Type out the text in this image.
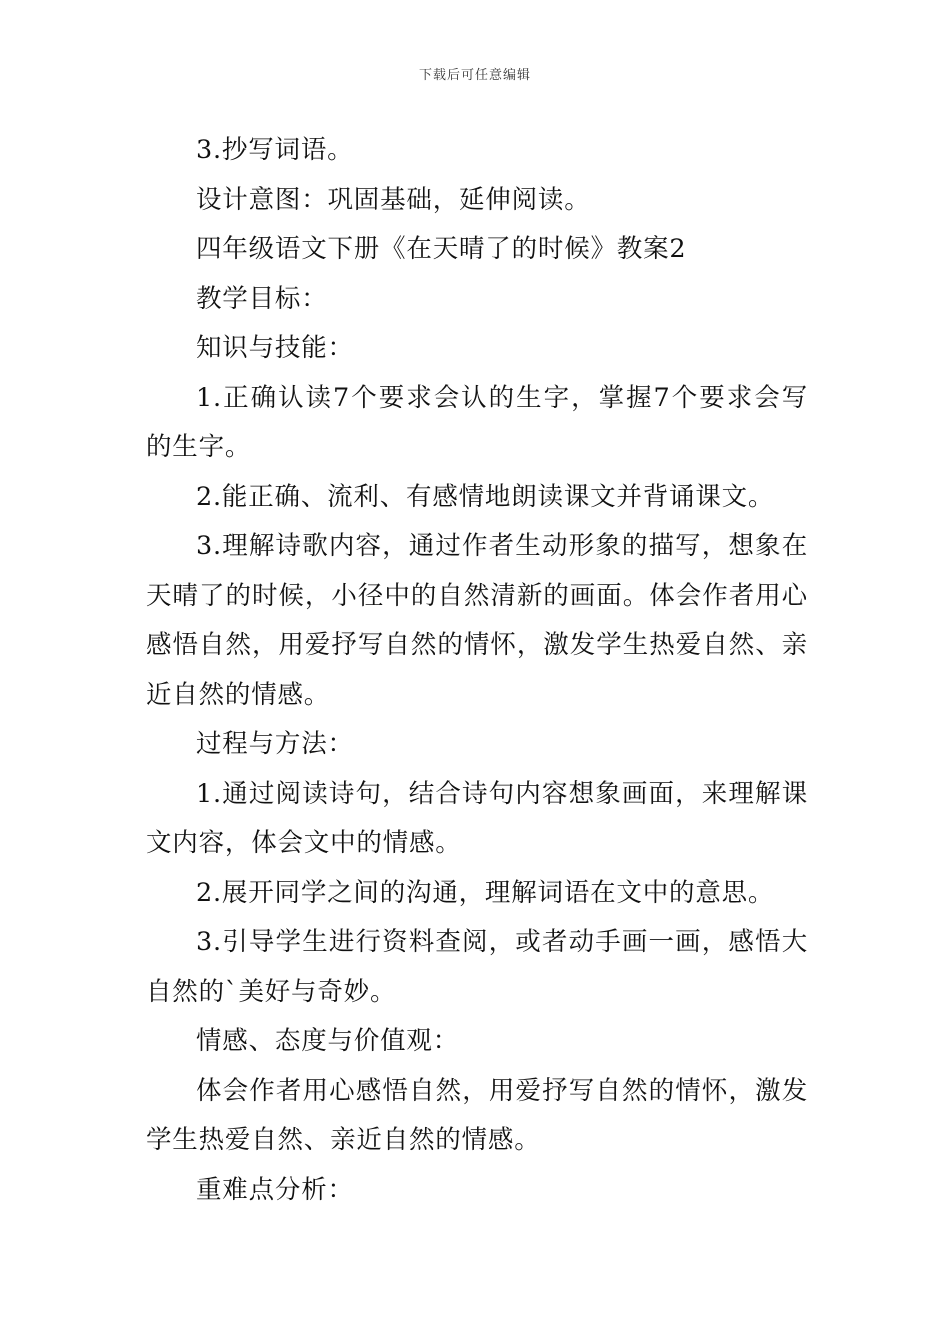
下载后可任意编辑

3.抄写词语。

设计意图：巩固基础，延伸阅读。

四年级语文下册《在天晴了的时候》教案2

教学目标：

知识与技能：

1.正确认读7个要求会认的生字，掌握7个要求会写的生字。

2.能正确、流利、有感情地朗读课文并背诵课文。

3.理解诗歌内容，通过作者生动形象的描写，想象在天晴了的时候，小径中的自然清新的画面。体会作者用心感悟自然，用爱抒写自然的情怀，激发学生热爱自然、亲近自然的情感。

过程与方法：

1.通过阅读诗句，结合诗句内容想象画面，来理解课文内容，体会文中的情感。

2.展开同学之间的沟通，理解词语在文中的意思。

3.引导学生进行资料查阅，或者动手画一画，感悟大自然的`美好与奇妙。

情感、态度与价值观：

体会作者用心感悟自然，用爱抒写自然的情怀，激发学生热爱自然、亲近自然的情感。

重难点分析：
